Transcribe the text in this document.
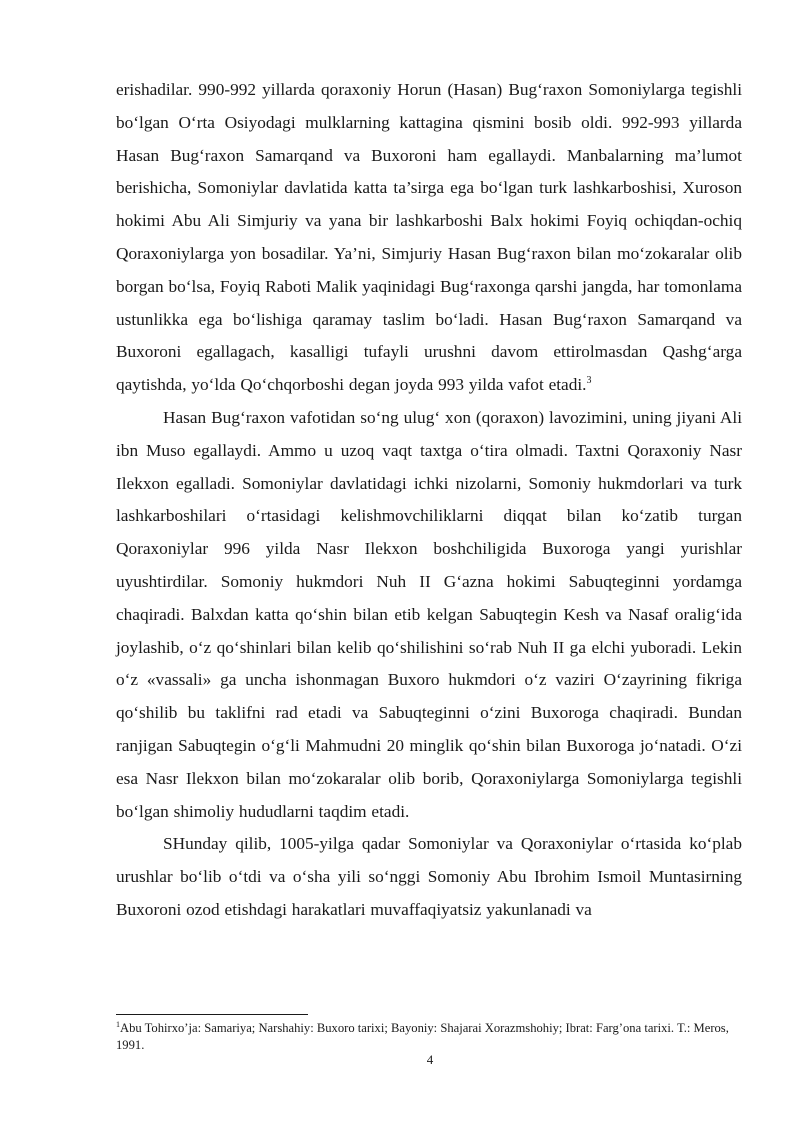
erishadilar. 990-992 yillarda qoraxoniy Horun (Hasan) Bug‘raxon Somoniylarga tegishli bo‘lgan O‘rta Osiyodagi mulklarning kattagina qismini bosib oldi. 992-993 yillarda Hasan Bug‘raxon Samarqand va Buxoroni ham egallaydi. Manbalarning ma’lumot berishicha, Somoniylar davlatida katta ta’sirga ega bo‘lgan turk lashkarboshisi, Xuroson hokimi Abu Ali Simjuriy va yana bir lashkarboshi Balx hokimi Foyiq ochiqdan-ochiq Qoraxoniylarga yon bosadilar. Ya’ni, Simjuriy Hasan Bug‘raxon bilan mo‘zokaralar olib borgan bo‘lsa, Foyiq Raboti Malik yaqinidagi Bug‘raxonga qarshi jangda, har tomonlama ustunlikka ega bo‘lishiga qaramay taslim bo‘ladi. Hasan Bug‘raxon Samarqand va Buxoroni egallagach, kasalligi tufayli urushni davom ettirolmasdan Qashg‘arga qaytishda, yo‘lda Qo‘chqorboshi degan joyda 993 yilda vafot etadi.$^3$

Hasan Bug‘raxon vafotidan so‘ng ulug‘ xon (qoraxon) lavozimini, uning jiyani Ali ibn Muso egallaydi. Ammo u uzoq vaqt taxtga o‘tira olmadi. Taxtni Qoraxoniy Nasr Ilekxon egalladi. Somoniylar davlatidagi ichki nizolarni, Somoniy hukmdorlari va turk lashkarboshilari o‘rtasidagi kelishmovchiliklarni diqqat bilan ko‘zatib turgan Qoraxoniylar 996 yilda Nasr Ilekxon boshchiligida Buxoroga yangi yurishlar uyushtirdilar. Somoniy hukmdori Nuh II G‘azna hokimi Sabuqteginni yordamga chaqiradi. Balxdan katta qo‘shin bilan etib kelgan Sabuqtegin Kesh va Nasaf oralig‘ida joylashib, o‘z qo‘shinlari bilan kelib qo‘shilishini so‘rab Nuh II ga elchi yuboradi. Lekin o‘z «vassali» ga uncha ishonmagan Buxoro hukmdori o‘z vaziri O‘zayrining fikriga qo‘shilib bu taklifni rad etadi va Sabuqteginni o‘zini Buxoroga chaqiradi. Bundan ranjigan Sabuqtegin o‘g‘li Mahmudni 20 minglik qo‘shin bilan Buxoroga jo‘natadi. O‘zi esa Nasr Ilekxon bilan mo‘zokaralar olib borib, Qoraxoniylarga Somoniylarga tegishli bo‘lgan shimoliy hududlarni taqdim etadi.

SHunday qilib, 1005-yilga qadar Somoniylar va Qoraxoniylar o‘rtasida ko‘plab urushlar bo‘lib o‘tdi va o‘sha yili so‘nggi Somoniy Abu Ibrohim Ismoil Muntasirning Buxoroni ozod etishdagi harakatlari muvaffaqiyatsiz yakunlanadi va

$^1$Abu Tohirxo’ja: Samariya; Narshahiy: Buxoro tarixi; Bayoniy: Shajarai Xorazmshohiy; Ibrat: Farg’ona tarixi. T.: Meros, 1991.
4
